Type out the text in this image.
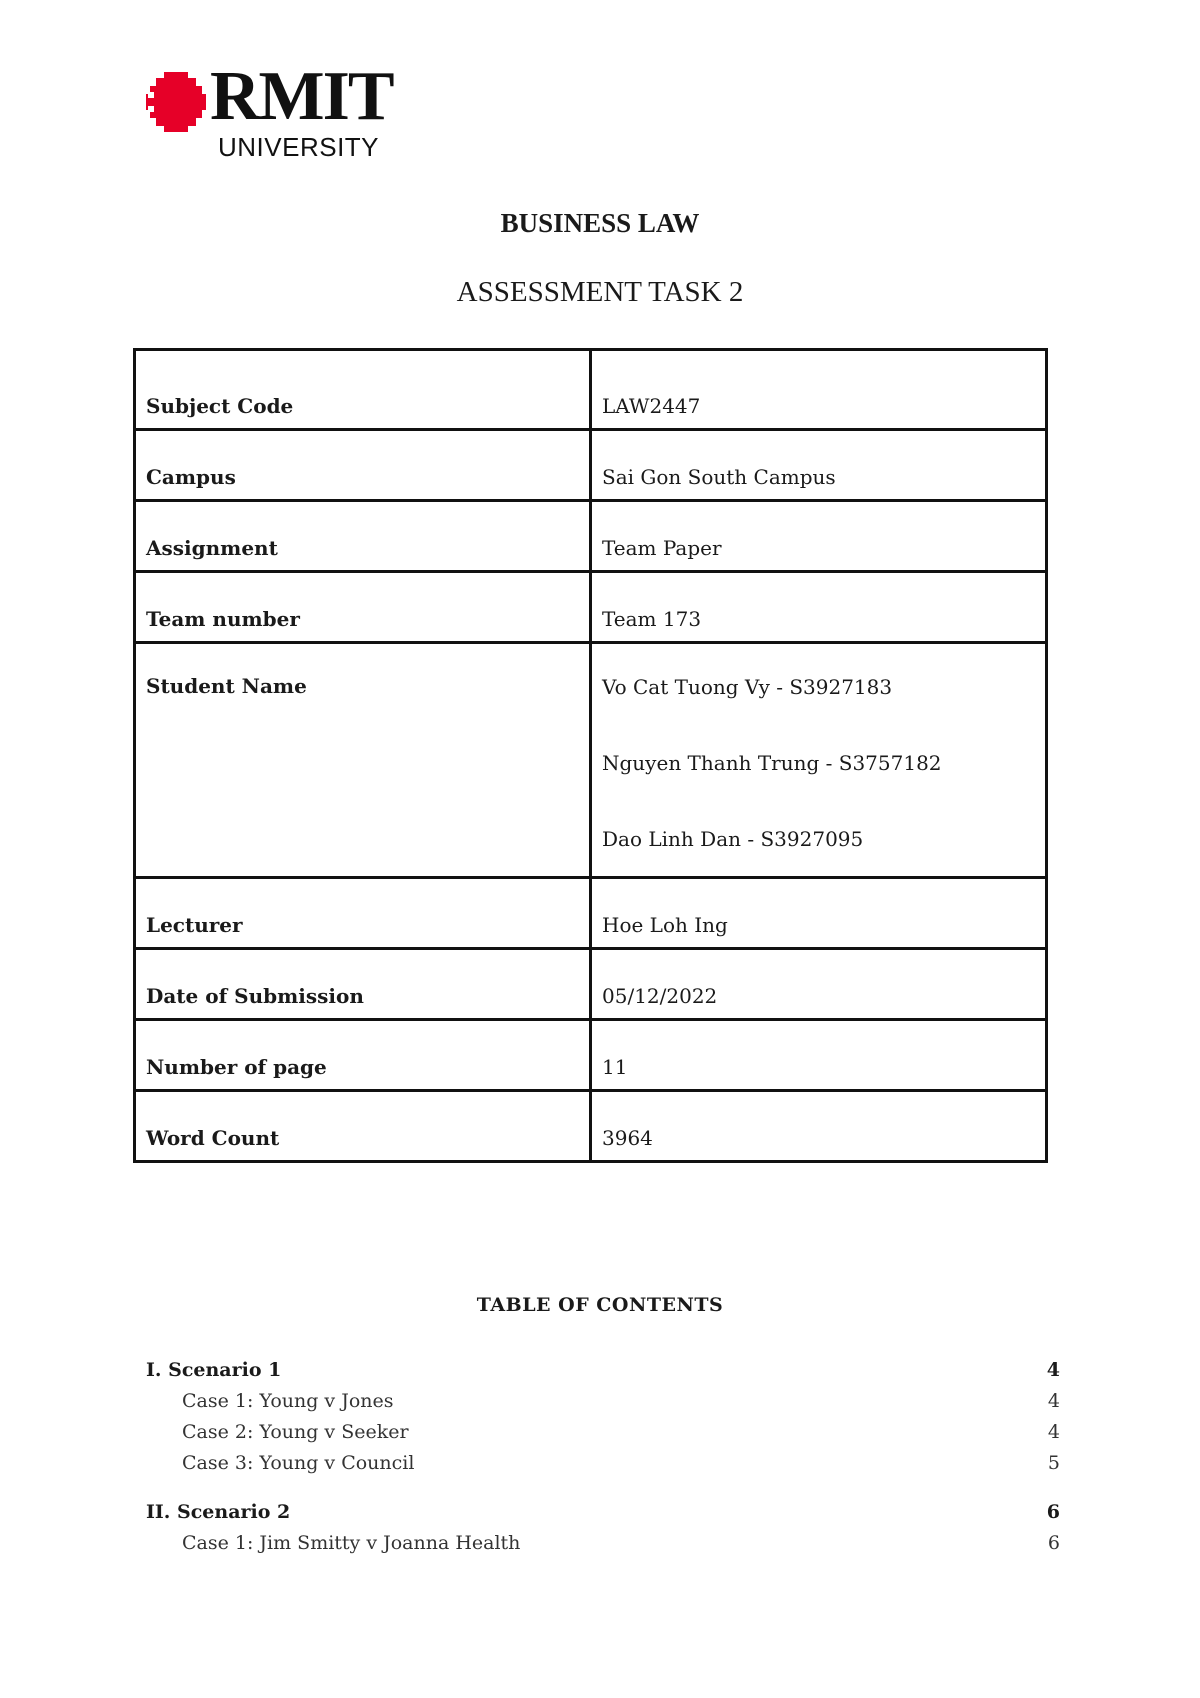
RMIT
UNIVERSITY
BUSINESS LAW
ASSESSMENT TASK 2
Subject Code	LAW2447
Campus	Sai Gon South Campus
Assignment	Team Paper
Team number	Team 173
Student Name	Vo Cat Tuong Vy - S3927183
Nguyen Thanh Trung - S3757182
Dao Linh Dan - S3927095

Lecturer	Hoe Loh Ing
Date of Submission	05/12/2022
Number of page	11
Word Count	3964
TABLE OF CONTENTS
I. Scenario 1	4
Case 1: Young v Jones	4
Case 2: Young v Seeker	4
Case 3: Young v Council	5
II. Scenario 2	6
Case 1: Jim Smitty v Joanna Health	6
